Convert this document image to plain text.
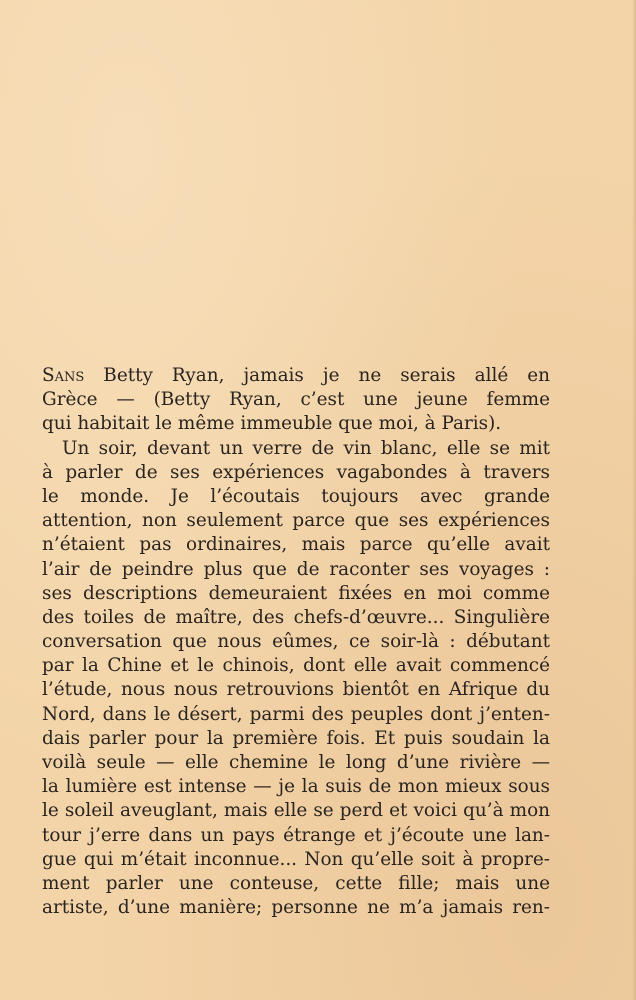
Sans Betty Ryan, jamais je ne serais allé en
Grèce — (Betty Ryan, c’est une jeune femme
qui habitait le même immeuble que moi, à Paris).
Un soir, devant un verre de vin blanc, elle se mit
à parler de ses expériences vagabondes à travers
le monde. Je l’écoutais toujours avec grande
attention, non seulement parce que ses expériences
n’étaient pas ordinaires, mais parce qu’elle avait
l’air de peindre plus que de raconter ses voyages :
ses descriptions demeuraient fixées en moi comme
des toiles de maître, des chefs-d’œuvre... Singulière
conversation que nous eûmes, ce soir-là : débutant
par la Chine et le chinois, dont elle avait commencé
l’étude, nous nous retrouvions bientôt en Afrique du
Nord, dans le désert, parmi des peuples dont j’enten-
dais parler pour la première fois. Et puis soudain la
voilà seule — elle chemine le long d’une rivière —
la lumière est intense — je la suis de mon mieux sous
le soleil aveuglant, mais elle se perd et voici qu’à mon
tour j’erre dans un pays étrange et j’écoute une lan-
gue qui m’était inconnue... Non qu’elle soit à propre-
ment parler une conteuse, cette fille; mais une
artiste, d’une manière; personne ne m’a jamais ren-
